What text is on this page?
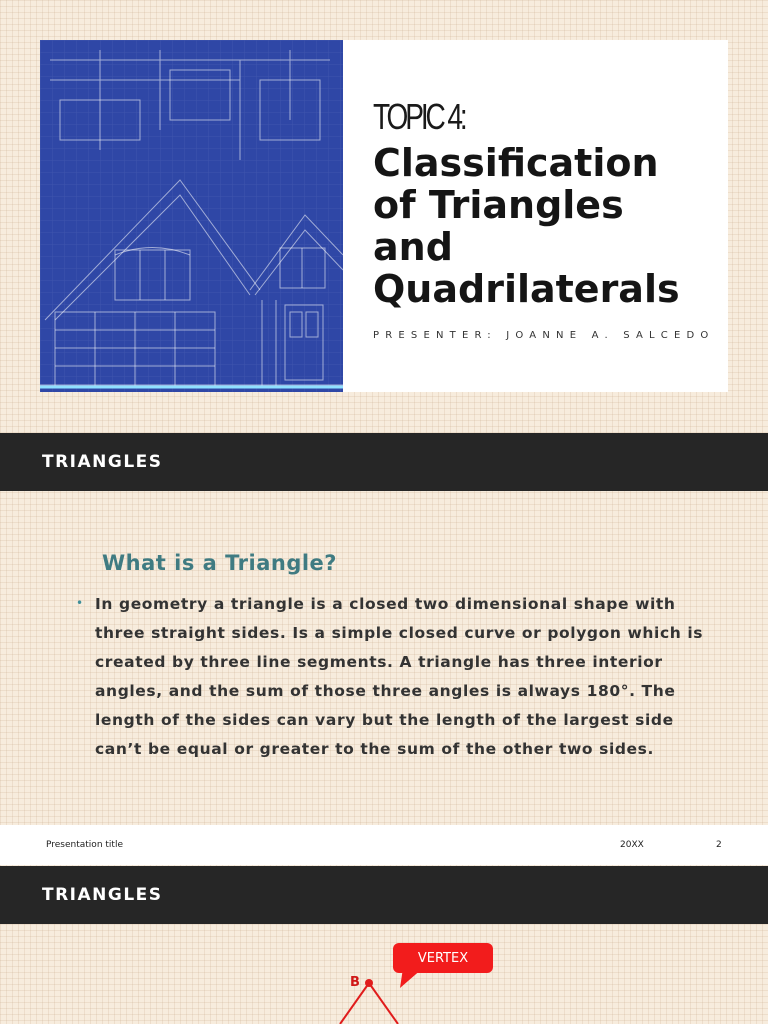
TOPIC 4:
Classification of Triangles and Quadrilaterals
PRESENTER: JOANNE A. SALCEDO
TRIANGLES
What is a Triangle?
• In geometry a triangle is a closed two dimensional shape with three straight sides. Is a simple closed curve or polygon which is created by three line segments. A triangle has three interior angles, and the sum of those three angles is always 180°. The length of the sides can vary but the length of the largest side can’t be equal or greater to the sum of the other two sides.
Presentation title	20XX	2
TRIANGLES
VERTEX
B
